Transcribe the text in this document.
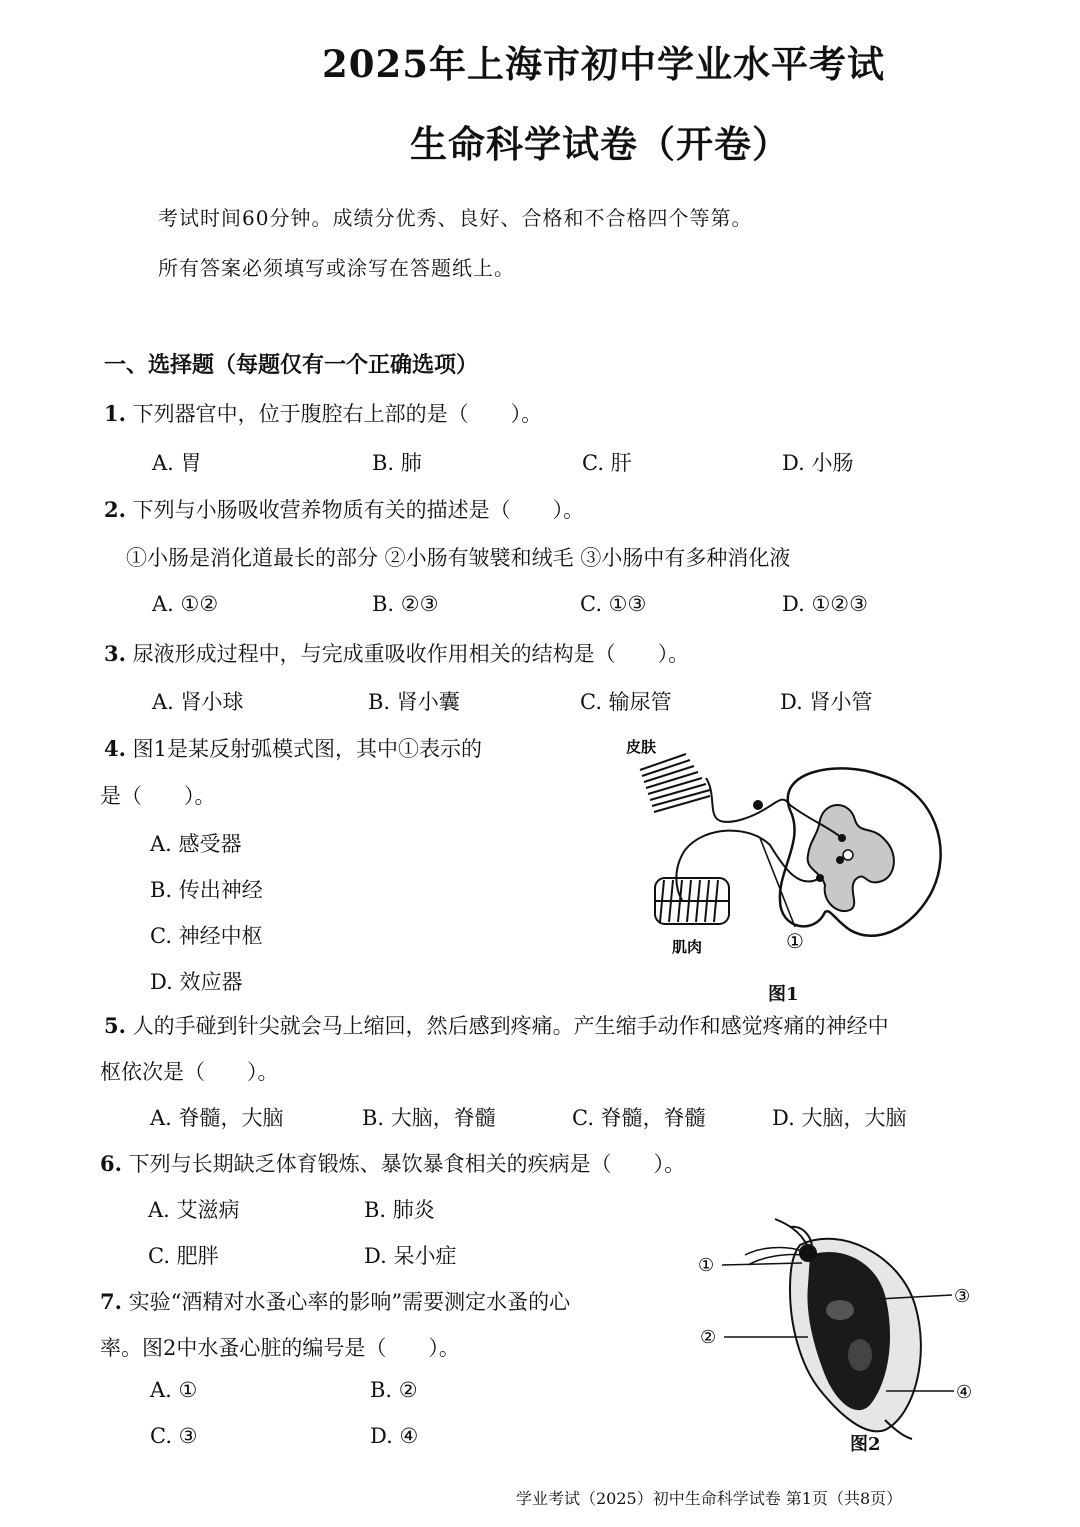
2025年上海市初中学业水平考试
生命科学试卷（开卷）
考试时间60分钟。成绩分优秀、良好、合格和不合格四个等第。
所有答案必须填写或涂写在答题纸上。
一、选择题（每题仅有一个正确选项）
1. 下列器官中，位于腹腔右上部的是（　　）。
A. 胃	B. 肺	C. 肝	D. 小肠
2. 下列与小肠吸收营养物质有关的描述是（　　）。
①小肠是消化道最长的部分 ②小肠有皱襞和绒毛 ③小肠中有多种消化液
A. ①②	B. ②③	C. ①③	D. ①②③
3. 尿液形成过程中，与完成重吸收作用相关的结构是（　　）。
A. 肾小球	B. 肾小囊	C. 输尿管	D. 肾小管
4. 图1是某反射弧模式图，其中①表示的
是（　　）。
A. 感受器
B. 传出神经
C. 神经中枢
D. 效应器
皮肤
肌肉	①
图1
5. 人的手碰到针尖就会马上缩回，然后感到疼痛。产生缩手动作和感觉疼痛的神经中
枢依次是（　　）。
A. 脊髓，大脑	B. 大脑，脊髓	C. 脊髓，脊髓	D. 大脑，大脑
6. 下列与长期缺乏体育锻炼、暴饮暴食相关的疾病是（　　）。
A. 艾滋病	B. 肺炎
C. 肥胖	D. 呆小症
7. 实验“酒精对水蚤心率的影响”需要测定水蚤的心
率。图2中水蚤心脏的编号是（　　）。
A. ①	B. ②
C. ③	D. ④
①
②
③
④
图2
学业考试（2025）初中生命科学试卷 第1页（共8页）
